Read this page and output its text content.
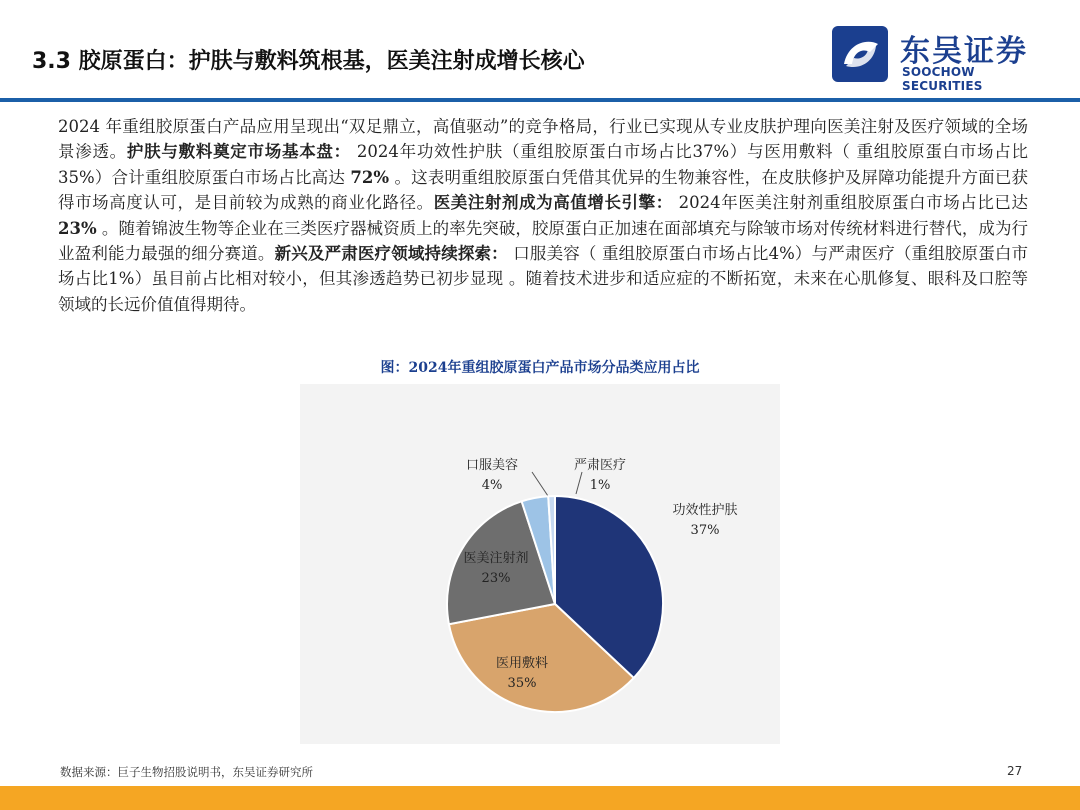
3.3 胶原蛋白：护肤与敷料筑根基，医美注射成增长核心	东吴证券
SOOCHOW SECURITIES
2024 年重组胶原蛋白产品应用呈现出“双足鼎立，高值驱动”的竞争格局，行业已实现从专业皮肤护理向医美注射及医疗领域的全场景渗透。护肤与敷料奠定市场基本盘： 2024年功效性护肤（重组胶原蛋白市场占比37%）与医用敷料（ 重组胶原蛋白市场占比35%）合计重组胶原蛋白市场占比高达 72% 。这表明重组胶原蛋白凭借其优异的生物兼容性，在皮肤修护及屏障功能提升方面已获得市场高度认可，是目前较为成熟的商业化路径。医美注射剂成为高值增长引擎： 2024年医美注射剂重组胶原蛋白市场占比已达 23% 。随着锦波生物等企业在三类医疗器械资质上的率先突破，胶原蛋白正加速在面部填充与除皱市场对传统材料进行替代，成为行业盈利能力最强的细分赛道。新兴及严肃医疗领域持续探索： 口服美容（ 重组胶原蛋白市场占比4%）与严肃医疗（重组胶原蛋白市场占比1%）虽目前占比相对较小，但其渗透趋势已初步显现 。随着技术进步和适应症的不断拓宽，未来在心肌修复、眼科及口腔等领域的长远价值值得期待。
图：2024年重组胶原蛋白产品市场分品类应用占比
功效性护肤
37%
医用敷料
35%
医美注射剂
23%
口服美容
4%
严肃医疗
1%
数据来源：巨子生物招股说明书，东吴证券研究所	27
